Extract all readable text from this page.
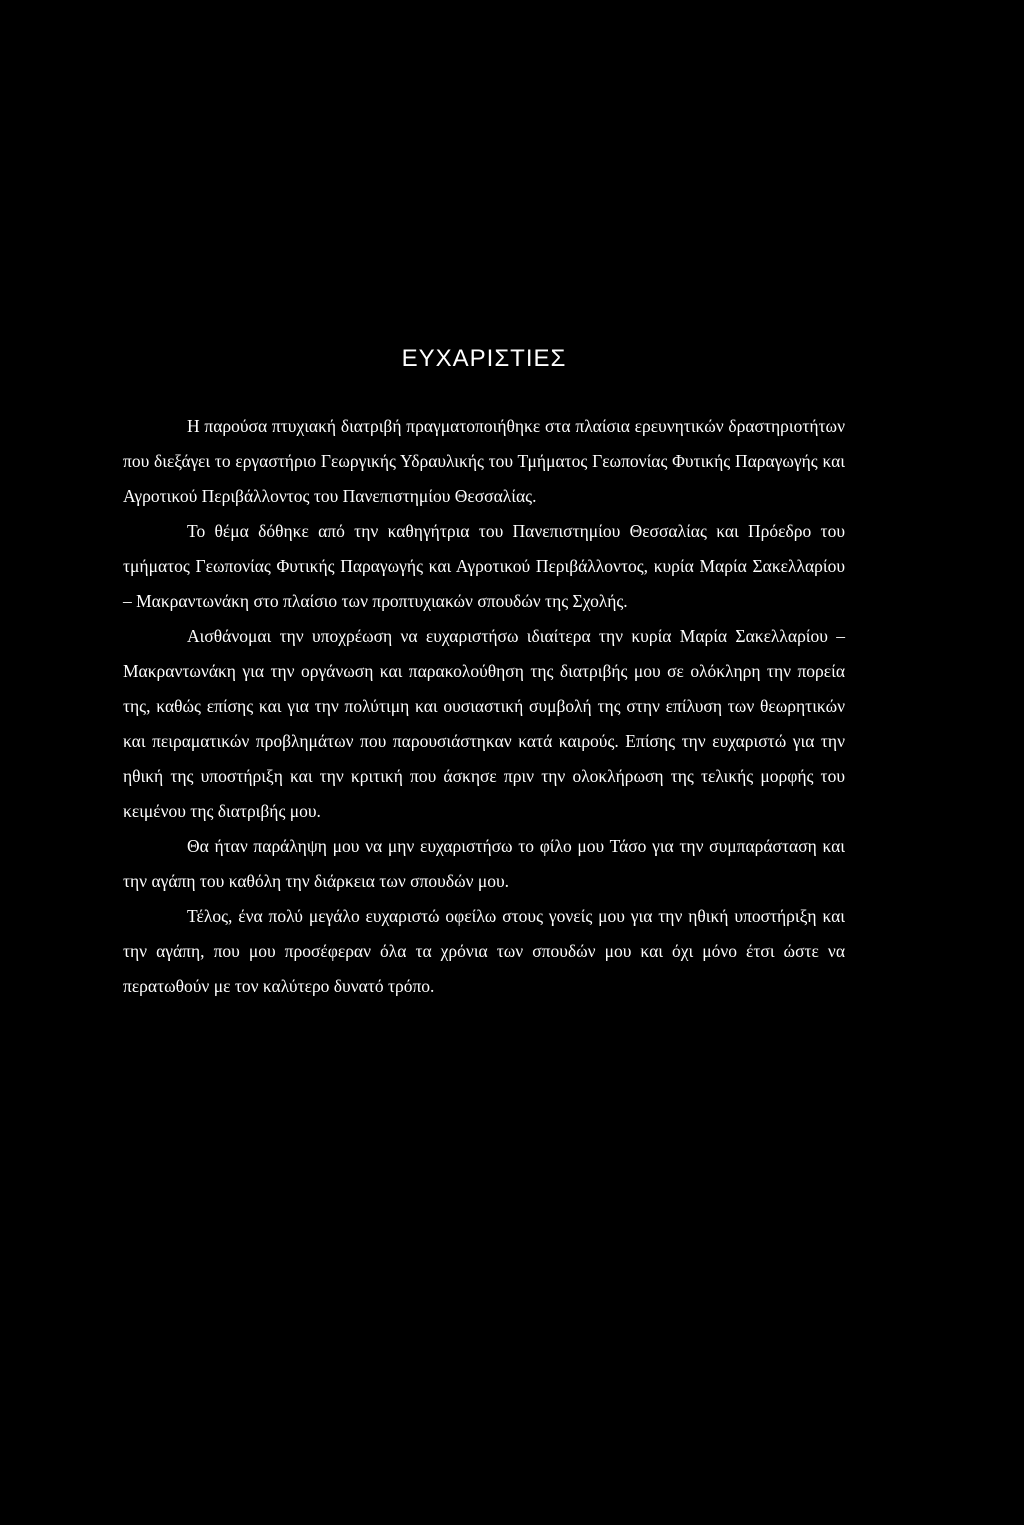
ΕΥΧΑΡΙΣΤΙΕΣ

Η παρούσα πτυχιακή διατριβή πραγματοποιήθηκε στα πλαίσια ερευνητικών δραστηριοτήτων που διεξάγει το εργαστήριο Γεωργικής Υδραυλικής του Τμήματος Γεωπονίας Φυτικής Παραγωγής και Αγροτικού Περιβάλλοντος του Πανεπιστημίου Θεσσαλίας.

Το θέμα δόθηκε από την καθηγήτρια του Πανεπιστημίου Θεσσαλίας και Πρόεδρο του τμήματος Γεωπονίας Φυτικής Παραγωγής και Αγροτικού Περιβάλλοντος, κυρία Μαρία Σακελλαρίου – Μακραντωνάκη στο πλαίσιο των προπτυχιακών σπουδών της Σχολής.

Αισθάνομαι την υποχρέωση να ευχαριστήσω ιδιαίτερα την κυρία Μαρία Σακελλαρίου – Μακραντωνάκη για την οργάνωση και παρακολούθηση της διατριβής μου σε ολόκληρη την πορεία της, καθώς επίσης και για την πολύτιμη και ουσιαστική συμβολή της στην επίλυση των θεωρητικών και πειραματικών προβλημάτων που παρουσιάστηκαν κατά καιρούς. Επίσης την ευχαριστώ για την ηθική της υποστήριξη και την κριτική που άσκησε πριν την ολοκλήρωση της τελικής μορφής του κειμένου της διατριβής μου.

Θα ήταν παράληψη μου να μην ευχαριστήσω το φίλο μου Τάσο για την συμπαράσταση και την αγάπη του καθόλη την διάρκεια των σπουδών μου.

Τέλος, ένα πολύ μεγάλο ευχαριστώ οφείλω στους γονείς μου για την ηθική υποστήριξη και την αγάπη, που μου προσέφεραν όλα τα χρόνια των σπουδών μου και όχι μόνο έτσι ώστε να περατωθούν με τον καλύτερο δυνατό τρόπο.
